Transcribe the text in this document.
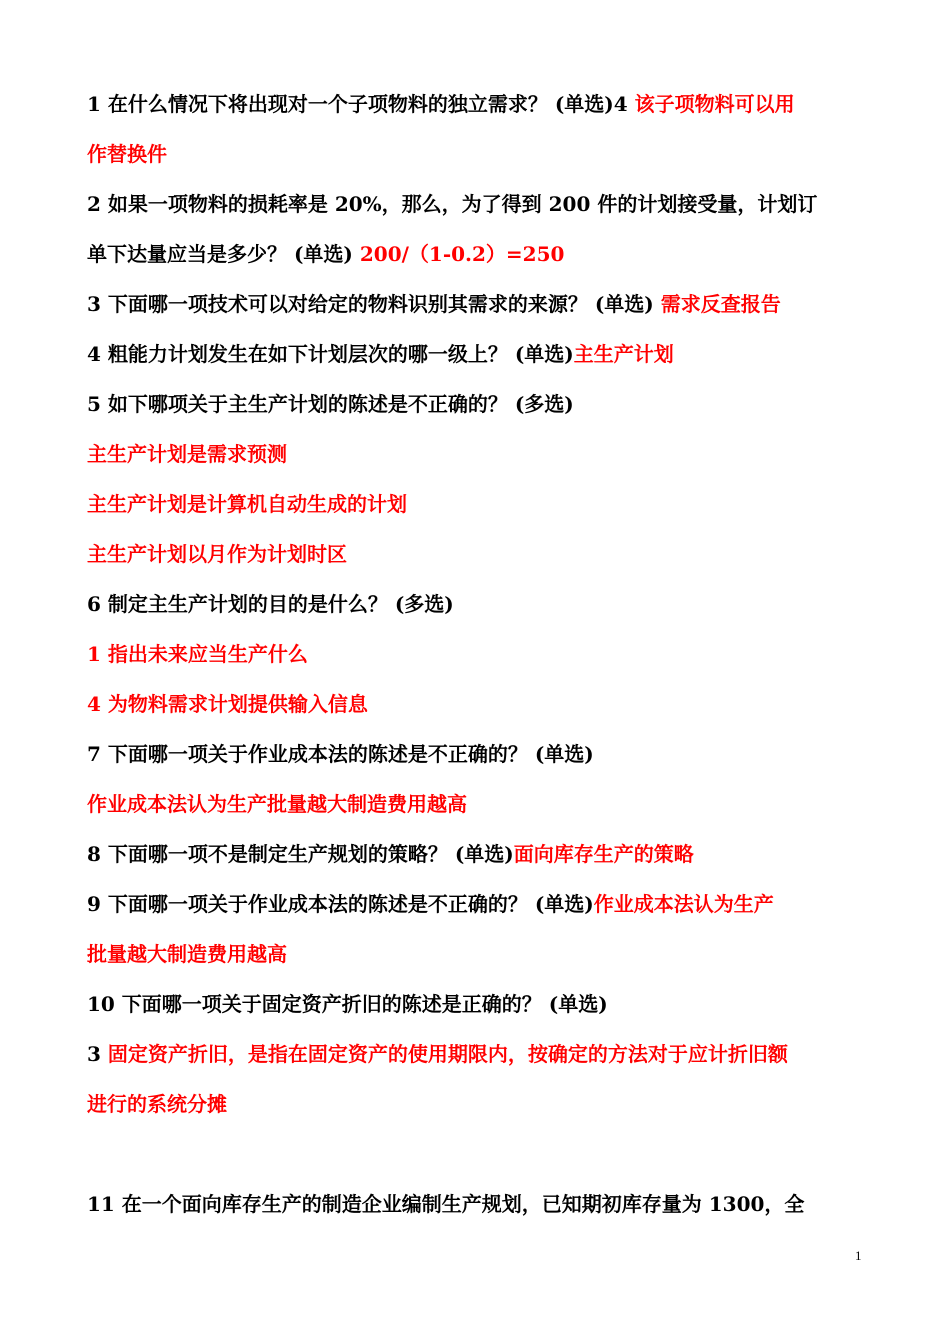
1 在什么情况下将出现对一个子项物料的独立需求？ (单选)4 该子项物料可以用
作替换件
2 如果一项物料的损耗率是 20%，那么，为了得到 200 件的计划接受量，计划订
单下达量应当是多少？ (单选) 200/（1-0.2）=250
3 下面哪一项技术可以对给定的物料识别其需求的来源？ (单选) 需求反查报告
4 粗能力计划发生在如下计划层次的哪一级上？ (单选)主生产计划
5 如下哪项关于主生产计划的陈述是不正确的？ (多选)
主生产计划是需求预测
主生产计划是计算机自动生成的计划
主生产计划以月作为计划时区
6 制定主生产计划的目的是什么？ (多选)
1 指出未来应当生产什么
4 为物料需求计划提供输入信息
7 下面哪一项关于作业成本法的陈述是不正确的？ (单选)
作业成本法认为生产批量越大制造费用越高
8 下面哪一项不是制定生产规划的策略？ (单选)面向库存生产的策略
9 下面哪一项关于作业成本法的陈述是不正确的？ (单选)作业成本法认为生产
批量越大制造费用越高
10 下面哪一项关于固定资产折旧的陈述是正确的？ (单选)
3 固定资产折旧，是指在固定资产的使用期限内，按确定的方法对于应计折旧额
进行的系统分摊
11 在一个面向库存生产的制造企业编制生产规划，已知期初库存量为 1300，全
1
